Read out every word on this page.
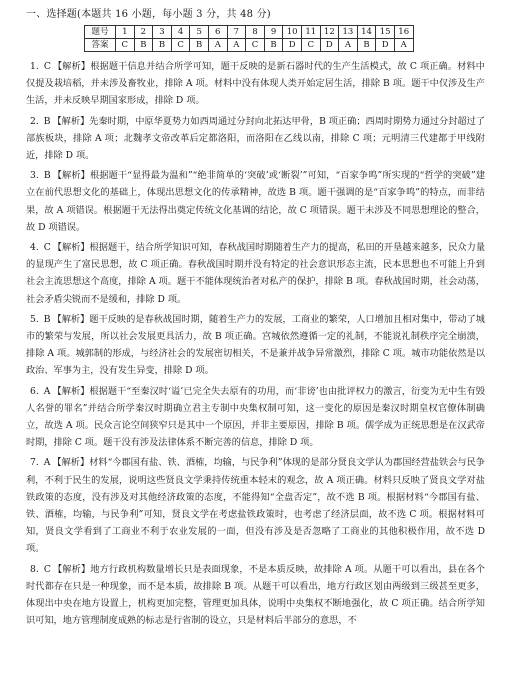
一、选择题(本题共 16 小题，每小题 3 分，共 48 分)
题号	1	2	3	4	5	6	7	8	9	10	11	12	13	14	15	16
答案	C	B	B	C	B	A	A	C	B	D	C	D	A	B	D	A

1. C 【解析】根据题干信息并结合所学可知，题干反映的是新石器时代的生产生活模式，故 C 项正确。材料中仅提及栽培稻，并未涉及畜牧业，排除 A 项。材料中没有体现人类开始定居生活，排除 B 项。题干中仅涉及生产生活，并未反映早期国家形成，排除 D 项。

2. B 【解析】先秦时期，中原华夏势力如西周通过分封向北拓达甲骨，B 项正确；西周时期势力通过分封超过了部族板块，排除 A 项；北魏孝文帝改革后定都洛阳，而洛阳在乙线以南，排除 C 项；元明清三代建都于甲线附近，排除 D 项。

3. B 【解析】根据题干“显得最为温和”“绝非简单的‘突破’或‘断裂’”可知，“百家争鸣”所实现的“哲学的突破”建立在前代思想文化的基础上，体现出思想文化的传承精神，故选 B 项。题干强调的是“百家争鸣”的特点，而非结果，故 A 项错误。根据题干无法得出奠定传统文化基调的结论，故 C 项错误。题干未涉及不同思想理论的整合，故 D 项错误。

4. C 【解析】根据题干，结合所学知识可知，春秋战国时期随着生产力的提高，私田的开垦越来越多，民众力量的显现产生了富民思想，故 C 项正确。春秋战国时期并没有特定的社会意识形态主流，民本思想也不可能上升到社会主流思想这个高度，排除 A 项。题干不能体现统治者对私产的保护，排除 B 项。春秋战国时期，社会动荡，社会矛盾尖锐而不是缓和，排除 D 项。

5. B 【解析】题干反映的是春秋战国时期，随着生产力的发展，工商业的繁荣，人口增加且相对集中，带动了城市的繁荣与发展，所以社会发展更具活力，故 B 项正确。宫城依然遵循一定的礼制，不能说礼制秩序完全崩溃，排除 A 项。城郭制的形成，与经济社会的发展密切相关，不是兼并战争异常激烈，排除 C 项。城市功能依然是以政治、军事为主，没有发生异变，排除 D 项。

6. A 【解析】根据题干“至秦汉时‘谥’已完全失去原有的功用，而‘非谤’也由批评权力的激言，衍变为无中生有毁人名誉的罪名”并结合所学秦汉时期确立君主专制中央集权制可知，这一变化的原因是秦汉时期皇权官僚体制确立，故选 A 项。民众言论空间狭窄只是其中一个原因，并非主要原因，排除 B 项。儒学成为正统思想是在汉武帝时期，排除 C 项。题干没有涉及法律体系不断完善的信息，排除 D 项。

7. A 【解析】材料“今郡国有盐、铁、酒榷，均输，与民争利”体现的是部分贤良文学认为郡国经营盐铁会与民争利，不利于民生的发展，说明这些贤良文学秉持传统重本轻末的观念，故 A 项正确。材料只反映了贤良文学对盐铁政策的态度，没有涉及对其他经济政策的态度，不能得知“全盘否定”，故不选 B 项。根据材料“今郡国有盐、铁、酒榷，均输，与民争利”可知，贤良文学在考虑盐铁政策时，也考虑了经济层面，故不选 C 项。根据材料可知，贤良文学看到了工商业不利于农业发展的一面，但没有涉及是否忽略了工商业的其他积极作用，故不选 D 项。

8. C 【解析】地方行政机构数量增长只是表面现象，不是本质反映，故排除 A 项。从题干可以看出，县在各个时代都存在只是一种现象，而不是本质，故排除 B 项。从题干可以看出，地方行政区划由两级到三级甚至更多，体现出中央在地方设置上，机构更加完整，管理更加具体，说明中央集权不断地强化，故 C 项正确。结合所学知识可知，地方管理制度成熟的标志是行省制的设立，只是材料后半部分的意思，不
